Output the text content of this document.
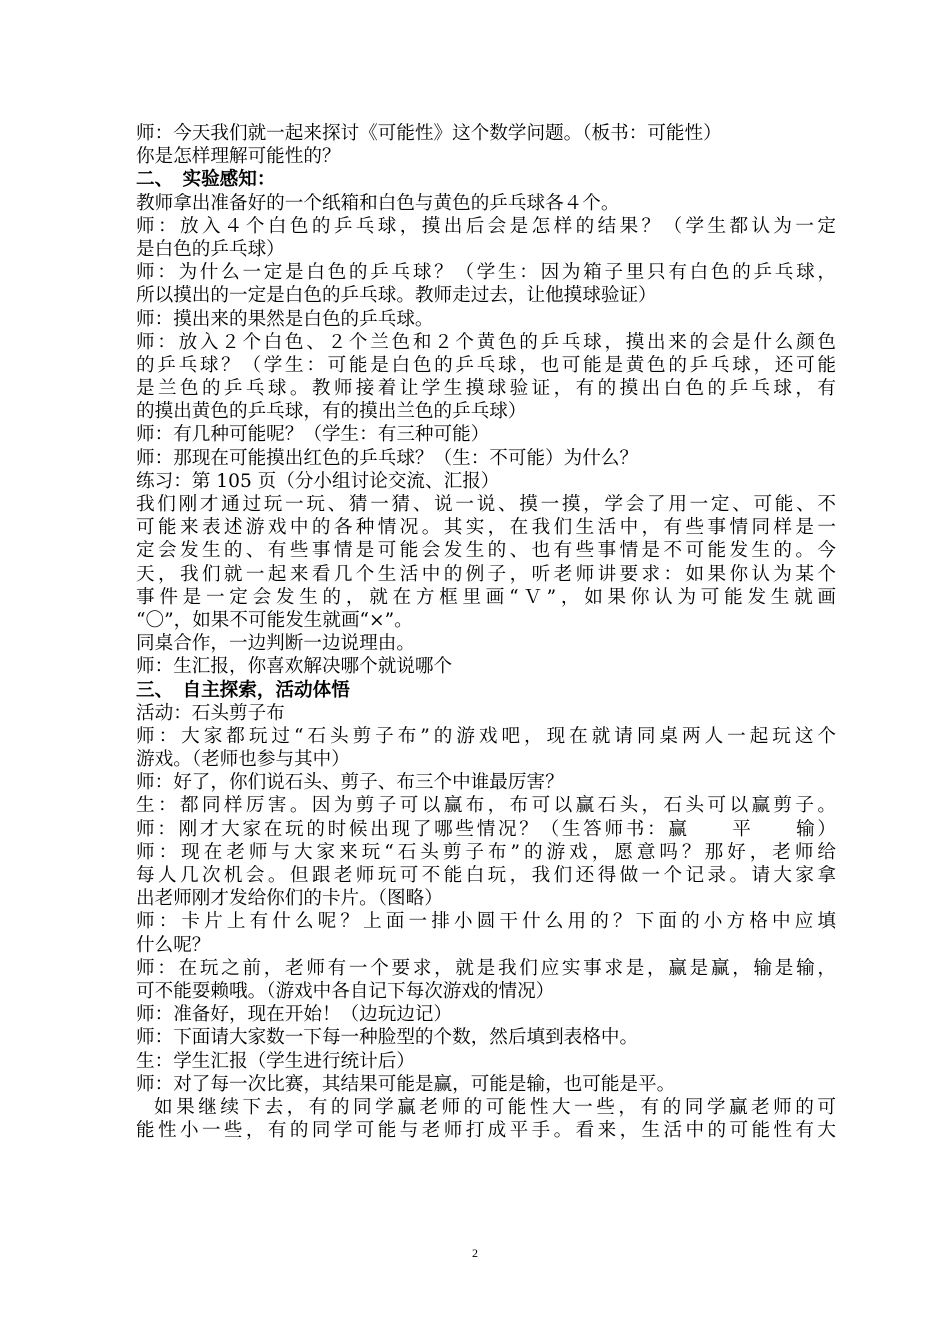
师：今天我们就一起来探讨《可能性》这个数学问题。（板书：可能性）
你是怎样理解可能性的？
二、　实验感知：
教师拿出准备好的一个纸箱和白色与黄色的乒乓球各４个。
师：放入４个白色的乒乓球，摸出后会是怎样的结果？（学生都认为一定
是白色的乒乓球）
师：为什么一定是白色的乒乓球？（学生：因为箱子里只有白色的乒乓球，
所以摸出的一定是白色的乒乓球。教师走过去，让他摸球验证）
师：摸出来的果然是白色的乒乓球。
师：放入２个白色、２个兰色和２个黄色的乒乓球，摸出来的会是什么颜色
的乒乓球？（学生：可能是白色的乒乓球，也可能是黄色的乒乓球，还可能
是兰色的乒乓球。教师接着让学生摸球验证，有的摸出白色的乒乓球，有
的摸出黄色的乒乓球，有的摸出兰色的乒乓球）
师：有几种可能呢？（学生：有三种可能）
师：那现在可能摸出红色的乒乓球？（生：不可能）为什么？
练习：第 105 页（分小组讨论交流、汇报）
我们刚才通过玩一玩、猜一猜、说一说、摸一摸，学会了用一定、可能、不
可能来表述游戏中的各种情况。其实，在我们生活中，有些事情同样是一
定会发生的、有些事情是可能会发生的、也有些事情是不可能发生的。今
天，我们就一起来看几个生活中的例子，听老师讲要求：如果你认为某个
事件是一定会发生的，就在方框里画“Ｖ”，如果你认为可能发生就画
“〇”，如果不可能发生就画“×”。
同桌合作，一边判断一边说理由。
师：生汇报，你喜欢解决哪个就说哪个
三、　自主探索，活动体悟
活动：石头剪子布
师：大家都玩过“石头剪子布”的游戏吧，现在就请同桌两人一起玩这个
游戏。（老师也参与其中）
师：好了，你们说石头、剪子、布三个中谁最厉害？
生：都同样厉害。因为剪子可以赢布，布可以赢石头，石头可以赢剪子。
师：刚才大家在玩的时候出现了哪些情况？（生答师书：赢　　平　　输）
师：现在老师与大家来玩“石头剪子布”的游戏，愿意吗？那好，老师给
每人几次机会。但跟老师玩可不能白玩，我们还得做一个记录。请大家拿
出老师刚才发给你们的卡片。（图略）
师：卡片上有什么呢？上面一排小圆干什么用的？下面的小方格中应填
什么呢？
师：在玩之前，老师有一个要求，就是我们应实事求是，赢是赢，输是输，
可不能耍赖哦。（游戏中各自记下每次游戏的情况）
师：准备好，现在开始！（边玩边记）
师：下面请大家数一下每一种脸型的个数，然后填到表格中。
生：学生汇报（学生进行统计后）
师：对了每一次比赛，其结果可能是赢，可能是输，也可能是平。
如果继续下去，有的同学赢老师的可能性大一些，有的同学赢老师的可
能性小一些，有的同学可能与老师打成平手。看来，生活中的可能性有大
2
